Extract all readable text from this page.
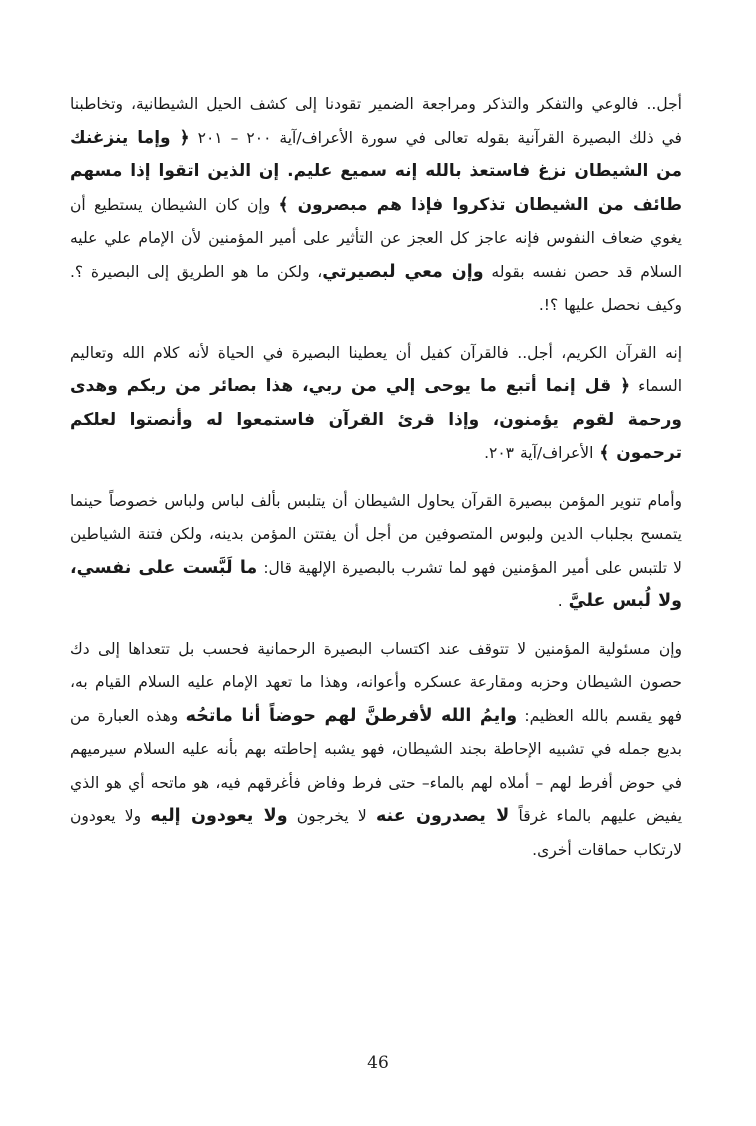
أجل.. فالوعي والتفكر والتذكر ومراجعة الضمير تقودنا إلى كشف الحيل الشيطانية، وتخاطبنا في ذلك البصيرة القرآنية بقوله تعالى في سورة الأعراف/آية ٢٠٠ – ٢٠١ ﴿ وإما ينزغنك من الشيطان نزغ فاستعذ بالله إنه سميع عليم. إن الذين اتقوا إذا مسهم طائف من الشيطان تذكروا فإذا هم مبصرون ﴾ وإن كان الشيطان يستطيع أن يغوي ضعاف النفوس فإنه عاجز كل العجز عن التأثير على أمير المؤمنين لأن الإمام علي عليه السلام قد حصن نفسه بقوله وإن معي لبصيرتي، ولكن ما هو الطريق إلى البصيرة ؟. وكيف نحصل عليها ؟!.

إنه القرآن الكريم، أجل.. فالقرآن كفيل أن يعطينا البصيرة في الحياة لأنه كلام الله وتعاليم السماء ﴿ قل إنما أتبع ما يوحى إلي من ربي، هذا بصائر من ربكم وهدى ورحمة لقوم يؤمنون، وإذا قرئ القرآن فاستمعوا له وأنصتوا لعلكم ترحمون ﴾ الأعراف/آية ٢٠٣.

وأمام تنوير المؤمن ببصيرة القرآن يحاول الشيطان أن يتلبس بألف لباس ولباس خصوصاً حينما يتمسح بجلباب الدين ولبوس المتصوفين من أجل أن يفتتن المؤمن بدينه، ولكن فتنة الشياطين لا تلتبس على أمير المؤمنين فهو لما تشرب بالبصيرة الإلهية قال: ما لَبَّست على نفسي، ولا لُبس عليَّ .

وإن مسئولية المؤمنين لا تتوقف عند اكتساب البصيرة الرحمانية فحسب بل تتعداها إلى دك حصون الشيطان وحزبه ومقارعة عسكره وأعوانه، وهذا ما تعهد الإمام عليه السلام القيام به، فهو يقسم بالله العظيم: وايمُ الله لأفرطنَّ لهم حوضاً أنا ماتحُه وهذه العبارة من بديع جمله في تشبيه الإحاطة بجند الشيطان، فهو يشبه إحاطته بهم بأنه عليه السلام سيرميهم في حوض أفرط لهم – أملاه لهم بالماء– حتى فرط وفاض فأغرقهم فيه، هو ماتحه أي هو الذي يفيض عليهم بالماء غرقاً لا يصدرون عنه لا يخرجون ولا يعودون إليه ولا يعودون لارتكاب حماقات أخرى.

46
